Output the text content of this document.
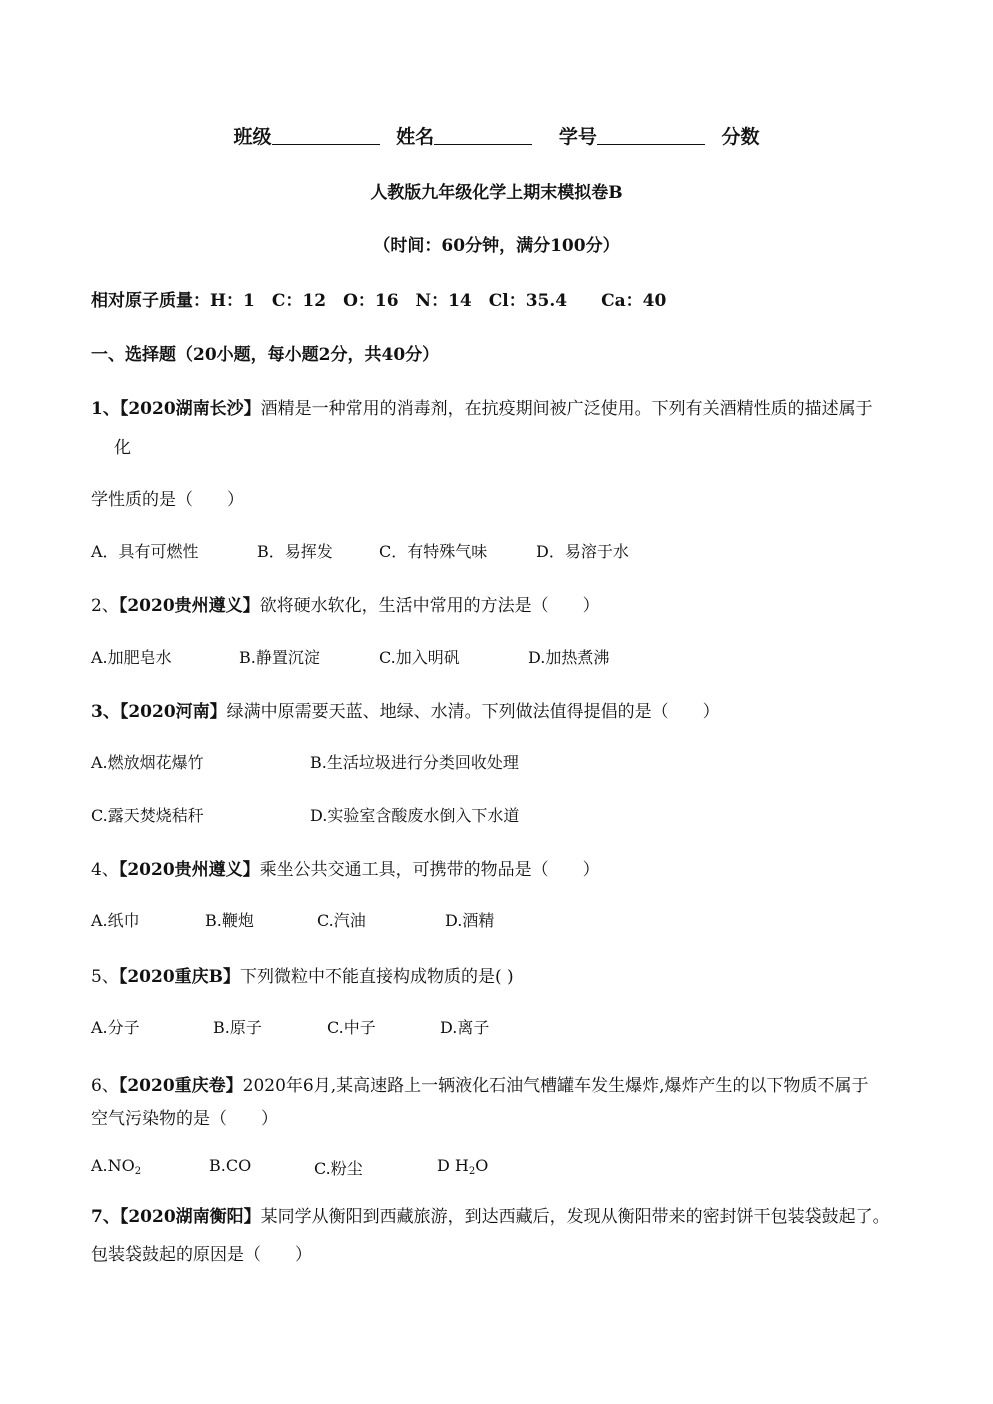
班级	姓名	学号	分数
人教版九年级化学上期末模拟卷B
（时间：60分钟，满分100分）
相对原子质量：H：1　C：12　O：16　N：14　Cl：35.4　　Ca：40
一、选择题（20小题，每小题2分，共40分）
1、【2020湖南长沙】酒精是一种常用的消毒剂，在抗疫期间被广泛使用。下列有关酒精性质的描述属于
化
学性质的是（　　）
A．具有可燃性	B．易挥发	C．有特殊气味	D．易溶于水
2、【2020贵州遵义】欲将硬水软化，生活中常用的方法是（　　）
A.加肥皂水	B.静置沉淀	C.加入明矾	D.加热煮沸
3、【2020河南】绿满中原需要天蓝、地绿、水清。下列做法值得提倡的是（　　）
A.燃放烟花爆竹	B.生活垃圾进行分类回收处理
C.露天焚烧秸秆	D.实验室含酸废水倒入下水道
4、【2020贵州遵义】乘坐公共交通工具，可携带的物品是（　　）
A.纸巾	B.鞭炮	C.汽油	D.酒精
5、【2020重庆B】下列微粒中不能直接构成物质的是( )
A.分子	B.原子	C.中子	D.离子
6、【2020重庆卷】2020年6月,某高速路上一辆液化石油气槽罐车发生爆炸,爆炸产生的以下物质不属于
空气污染物的是（　　）
$A.NO_2$	B.CO	C.粉尘	D $H_2O$
7、【2020湖南衡阳】某同学从衡阳到西藏旅游，到达西藏后，发现从衡阳带来的密封饼干包装袋鼓起了。
包装袋鼓起的原因是（　　）
